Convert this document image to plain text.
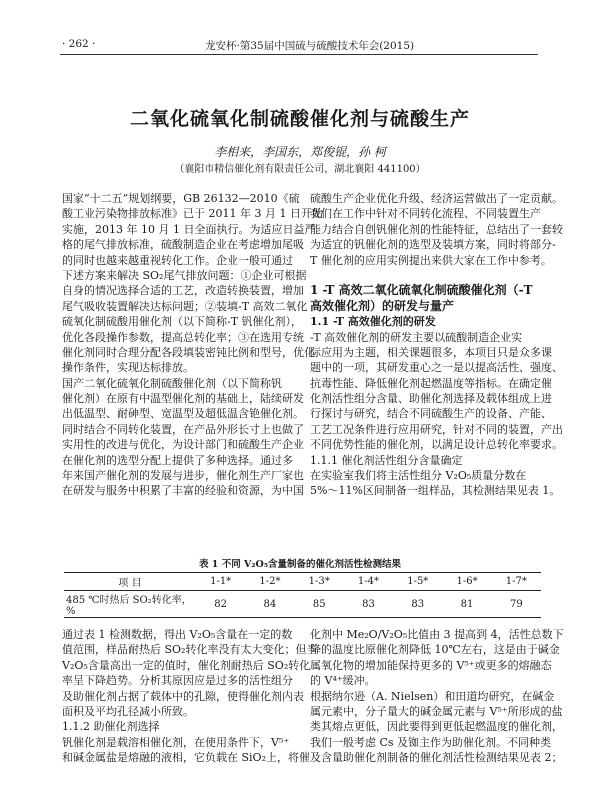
· 262 ·	龙安杯·第35届中国硫与硫酸技术年会(2015)
二氧化硫氧化制硫酸催化剂与硫酸生产
李相来，李国东，郑俊锟，孙 柯
（襄阳市精信催化剂有限责任公司，湖北襄阳 441100）
国家“十二五”规划纲要，GB 26132—2010《硫
酸工业污染物排放标准》已于 2011 年 3 月 1 日开始
实施，2013 年 10 月 1 日全面执行。为适应日益严
格的尾气排放标准，硫酸制造企业在考虑增加尾吸
的同时也越来越重视转化工作。企业一般可通过
下述方案来解决 SO₂尾气排放问题：①企业可根据
自身的情况选择合适的工艺，改造转换装置，增加
尾气吸收装置解决达标问题；②装填-T 高效二氧化
硫氧化制硫酸用催化剂（以下简称-T 钒催化剂），
优化各段操作参数，提高总转化率；③在选用专统
催化剂同时合理分配各段填装密钝比例和型号，优化
操作条件，实现达标排放。
国产二氧化硫氧化制硫酸催化剂（以下简称钒
催化剂）在原有中温型催化剂的基础上，陆续研发
出低温型、耐砷型、宽温型及超低温含铯催化剂。
同时结合不同转化装置，在产品外形长寸上也做了
实用性的改进与优化，为设计部门和硫酸生产企业
在催化剂的选型分配上提供了多种选择。通过多
年来国产催化剂的发展与进步，催化剂生产厂家也
在研发与服务中积累了丰富的经验和资源，为中国
硫酸生产企业优化升级、经济运营做出了一定贡献。
我们在工作中针对不同转化流程、不同装置生产
能力结合自创钒催化剂的性能特征，总结出了一套较
为适宜的钒催化剂的选型及装填方案，同时将部分-
T 催化剂的应用实例提出来供大家在工作中参考。
1 -T 高效二氧化硫氧化制硫酸催化剂（-T
高效催化剂）的研发与量产
1.1 -T 高效催化剂的研发
-T 高效催化剂的研发主要以硫酸制造企业实
际应用为主题，相关课题很多，本项目只是众多课
题中的一项，其研发重心之一是以提高活性、强度、
抗毒性能、降低催化剂起燃温度等指标。在确定催
化剂活性组分含量、助催化剂选择及载体组成上进
行探讨与研究，结合不同硫酸生产的设备、产能、
工艺工况条件进行应用研究，针对不同的装置，产出
不同优势性能的催化剂，以满足设计总转化率要求。
1.1.1 催化剂活性组分含量确定
在实验室我们将主活性组分 V₂O₅质量分数在
5%～11%区间制备一组样品，其检测结果见表 1。
表 1 不同 V₂O₅含量制备的催化剂活性检测结果
项 目	1-1*	1-2*	1-3*	1-4*	1-5*	1-6*	1-7*
485 ℃时热后 SO₂转化率，%	82	84	85	83	83	81	79
通过表 1 检测数据，得出 V₂O₅含量在一定的数
值范围，样品耐热后 SO₂转化率没有太大变化；但当
V₂O₅含量高出一定的值时，催化剂耐热后 SO₂转化
率呈下降趋势。分析其原因应是过多的活性组分
及助催化剂占据了载体中的孔隙，使得催化剂内表
面积及平均孔径减小所致。
1.1.2 助催化剂选择
钒催化剂是载溶相催化剂，在使用条件下，V⁵⁺
和碱金属盐是熔融的液相，它负载在 SiO₂上，将催
化剂中 Me₂O/V₂O₅比值由 3 提高到 4，活性总数下
降的温度比原催化剂降低 10℃左右，这是由于碱金
属氧化物的增加能保持更多的 V⁵⁺或更多的熔融态
的 V⁴⁺缓冲。
根据纳尔逊（A. Nielsen）和田道均研究，在碱金
属元素中，分子量大的碱金属元素与 V⁵⁺所形成的盐
类其熔点更低，因此要得到更低起燃温度的催化剂，
我们一般考虑 Cs 及铷主作为助催化剂。不同种类
及含量助催化剂制备的催化剂活性检测结果见表 2；
